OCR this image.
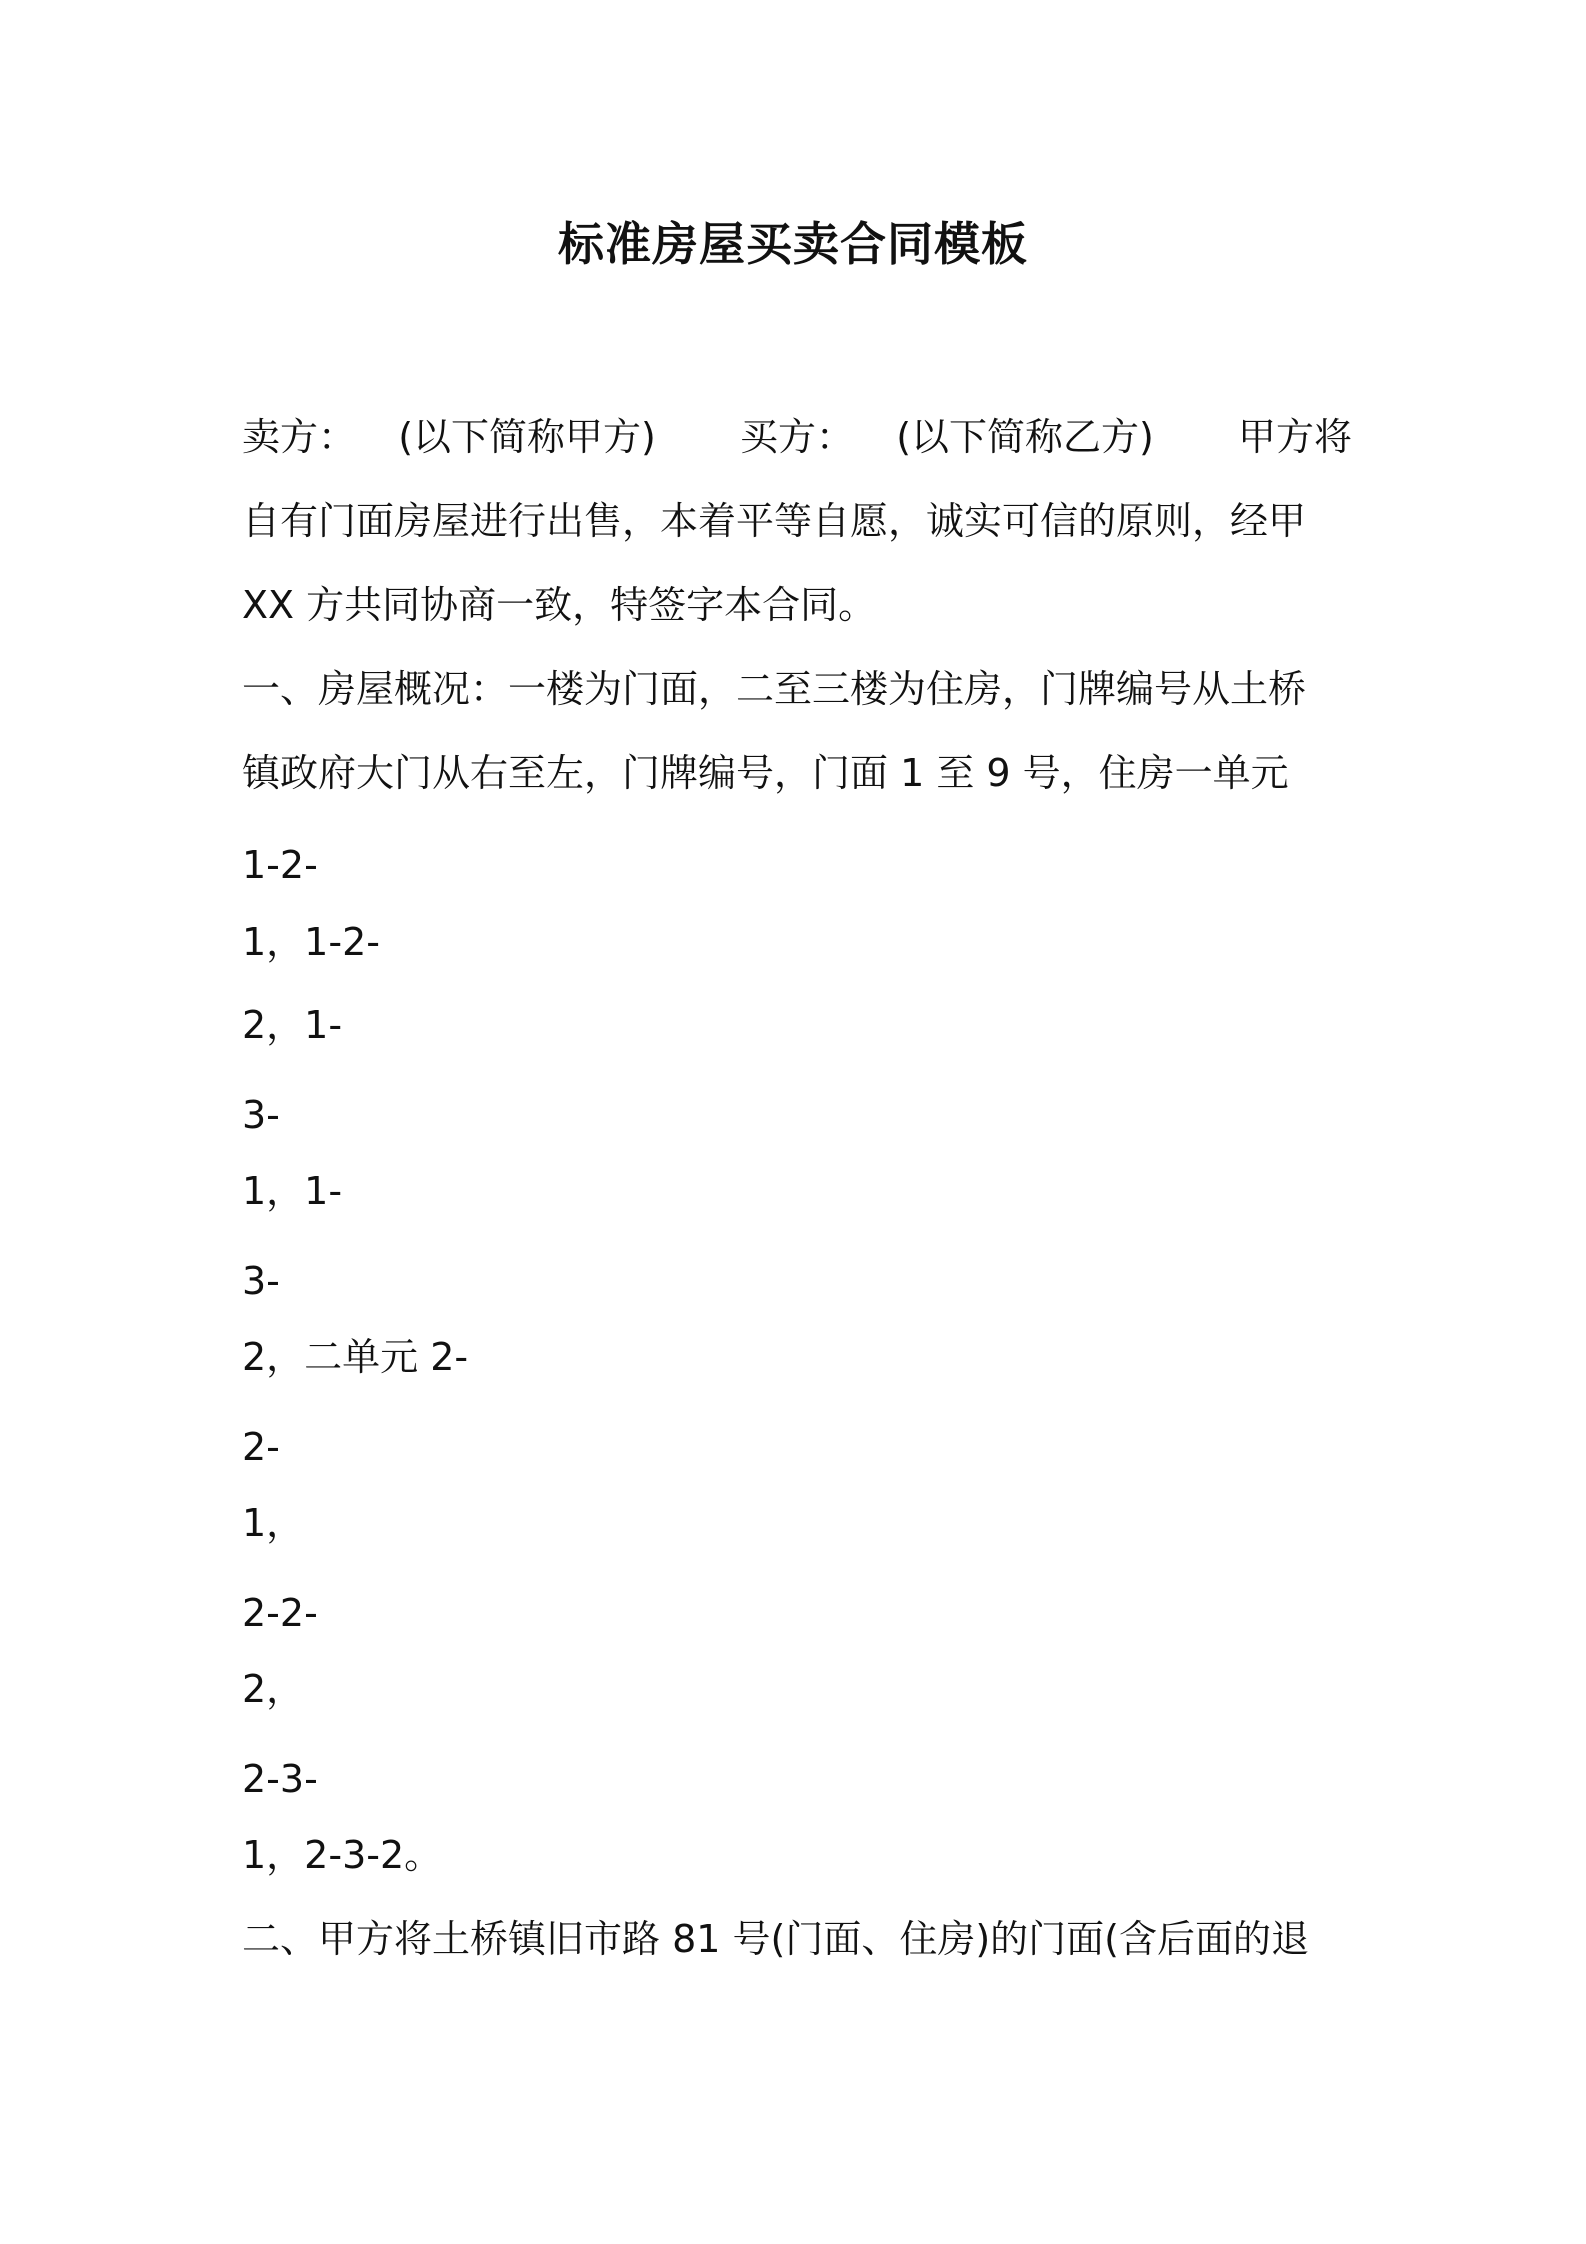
标准房屋买卖合同模板
卖方： (以下简称甲方) 买方： (以下简称乙方) 甲方将
自有门面房屋进行出售，本着平等自愿，诚实可信的原则，经甲
XX 方共同协商一致，特签字本合同。
一、房屋概况：一楼为门面，二至三楼为住房，门牌编号从土桥
镇政府大门从右至左，门牌编号，门面 1 至 9 号，住房一单元
1-2-
1，1-2-
2，1-
3-
1，1-
3-
2，二单元 2-
2-
1，
2-2-
2，
2-3-
1，2-3-2。
二、甲方将土桥镇旧市路 81 号(门面、住房)的门面(含后面的退
